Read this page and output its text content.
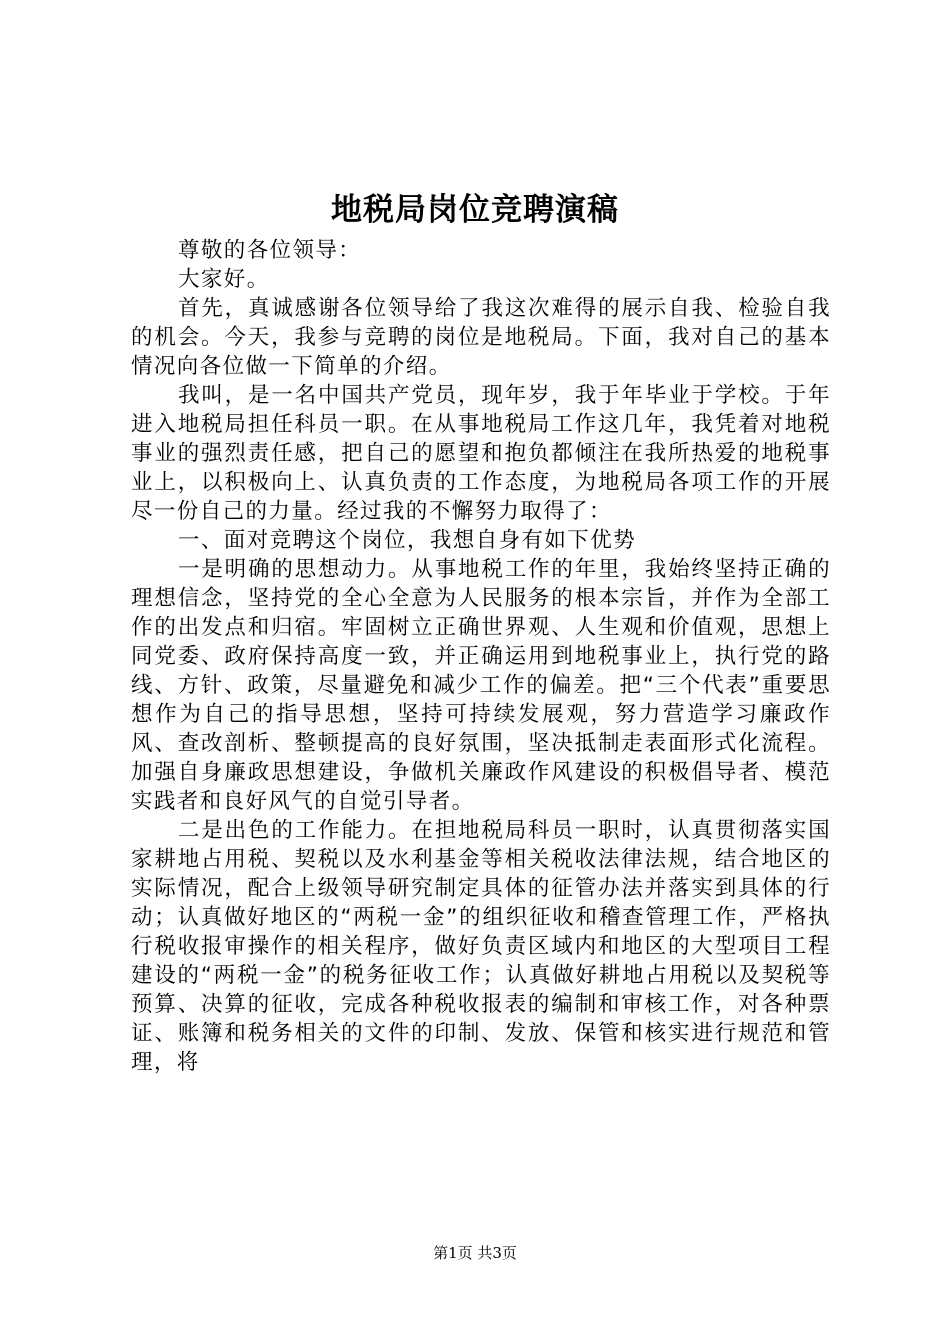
地税局岗位竞聘演稿

尊敬的各位领导：

大家好。

首先，真诚感谢各位领导给了我这次难得的展示自我、检验自我的机会。今天，我参与竞聘的岗位是地税局。下面，我对自己的基本情况向各位做一下简单的介绍。

我叫，是一名中国共产党员，现年岁，我于年毕业于学校。于年进入地税局担任科员一职。在从事地税局工作这几年，我凭着对地税事业的强烈责任感，把自己的愿望和抱负都倾注在我所热爱的地税事业上，以积极向上、认真负责的工作态度，为地税局各项工作的开展尽一份自己的力量。经过我的不懈努力取得了：

一、面对竞聘这个岗位，我想自身有如下优势

一是明确的思想动力。从事地税工作的年里，我始终坚持正确的理想信念，坚持党的全心全意为人民服务的根本宗旨，并作为全部工作的出发点和归宿。牢固树立正确世界观、人生观和价值观，思想上同党委、政府保持高度一致，并正确运用到地税事业上，执行党的路线、方针、政策，尽量避免和减少工作的偏差。把“三个代表”重要思想作为自己的指导思想，坚持可持续发展观，努力营造学习廉政作风、查改剖析、整顿提高的良好氛围，坚决抵制走表面形式化流程。加强自身廉政思想建设，争做机关廉政作风建设的积极倡导者、模范实践者和良好风气的自觉引导者。

二是出色的工作能力。在担地税局科员一职时，认真贯彻落实国家耕地占用税、契税以及水利基金等相关税收法律法规，结合地区的实际情况，配合上级领导研究制定具体的征管办法并落实到具体的行动；认真做好地区的“两税一金”的组织征收和稽查管理工作，严格执行税收报审操作的相关程序，做好负责区域内和地区的大型项目工程建设的“两税一金”的税务征收工作；认真做好耕地占用税以及契税等预算、决算的征收，完成各种税收报表的编制和审核工作，对各种票证、账簿和税务相关的文件的印制、发放、保管和核实进行规范和管理，将

第1页 共3页
